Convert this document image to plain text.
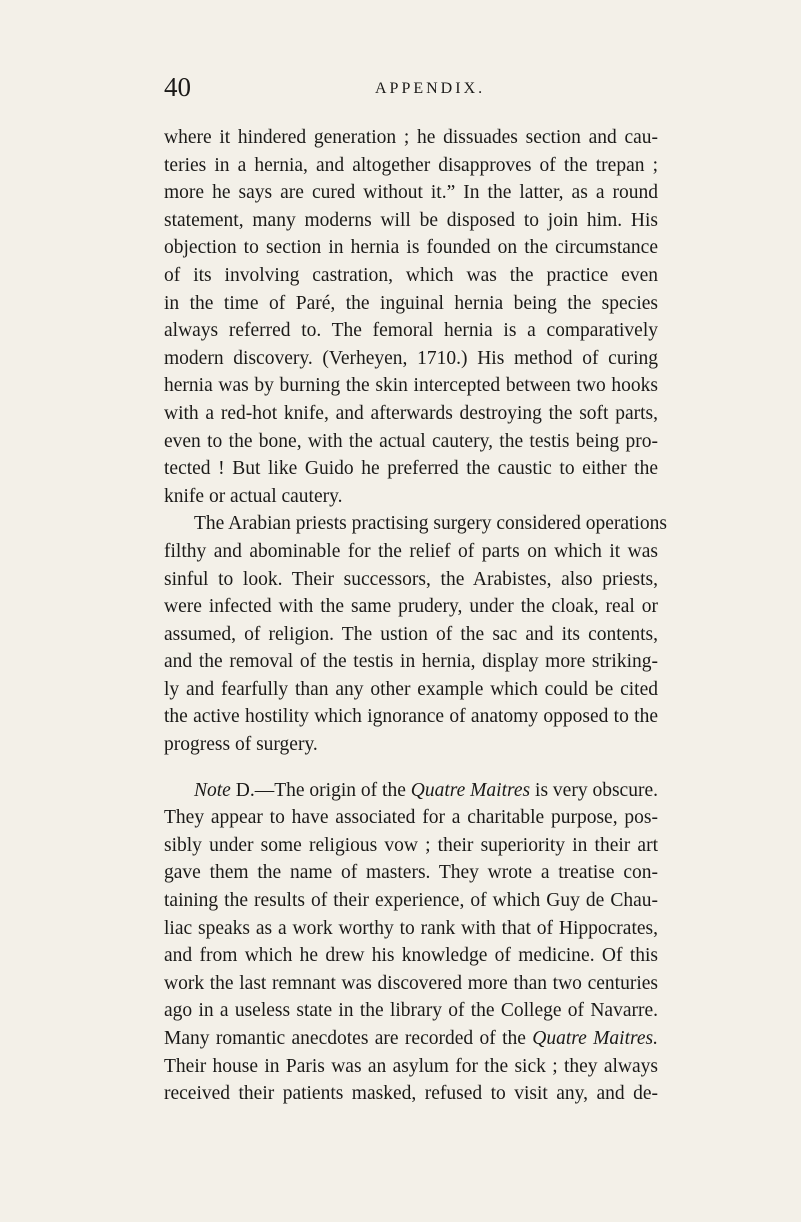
40	APPENDIX.
where it hindered generation ; he dissuades section and cau-
teries in a hernia, and altogether disapproves of the trepan ;
more he says are cured without it.” In the latter, as a round
statement, many moderns will be disposed to join him. His
objection to section in hernia is founded on the circumstance
of its involving castration, which was the practice even
in the time of Paré, the inguinal hernia being the species
always referred to. The femoral hernia is a comparatively
modern discovery. (Verheyen, 1710.) His method of curing
hernia was by burning the skin intercepted between two hooks
with a red-hot knife, and afterwards destroying the soft parts,
even to the bone, with the actual cautery, the testis being pro-
tected ! But like Guido he preferred the caustic to either the
knife or actual cautery.
The Arabian priests practising surgery considered operations
filthy and abominable for the relief of parts on which it was
sinful to look. Their successors, the Arabistes, also priests,
were infected with the same prudery, under the cloak, real or
assumed, of religion. The ustion of the sac and its contents,
and the removal of the testis in hernia, display more striking-
ly and fearfully than any other example which could be cited
the active hostility which ignorance of anatomy opposed to the
progress of surgery.
Note D.—The origin of the Quatre Maitres is very obscure.
They appear to have associated for a charitable purpose, pos-
sibly under some religious vow ; their superiority in their art
gave them the name of masters. They wrote a treatise con-
taining the results of their experience, of which Guy de Chau-
liac speaks as a work worthy to rank with that of Hippocrates,
and from which he drew his knowledge of medicine. Of this
work the last remnant was discovered more than two centuries
ago in a useless state in the library of the College of Navarre.
Many romantic anecdotes are recorded of the Quatre Maitres.
Their house in Paris was an asylum for the sick ; they always
received their patients masked, refused to visit any, and de-
